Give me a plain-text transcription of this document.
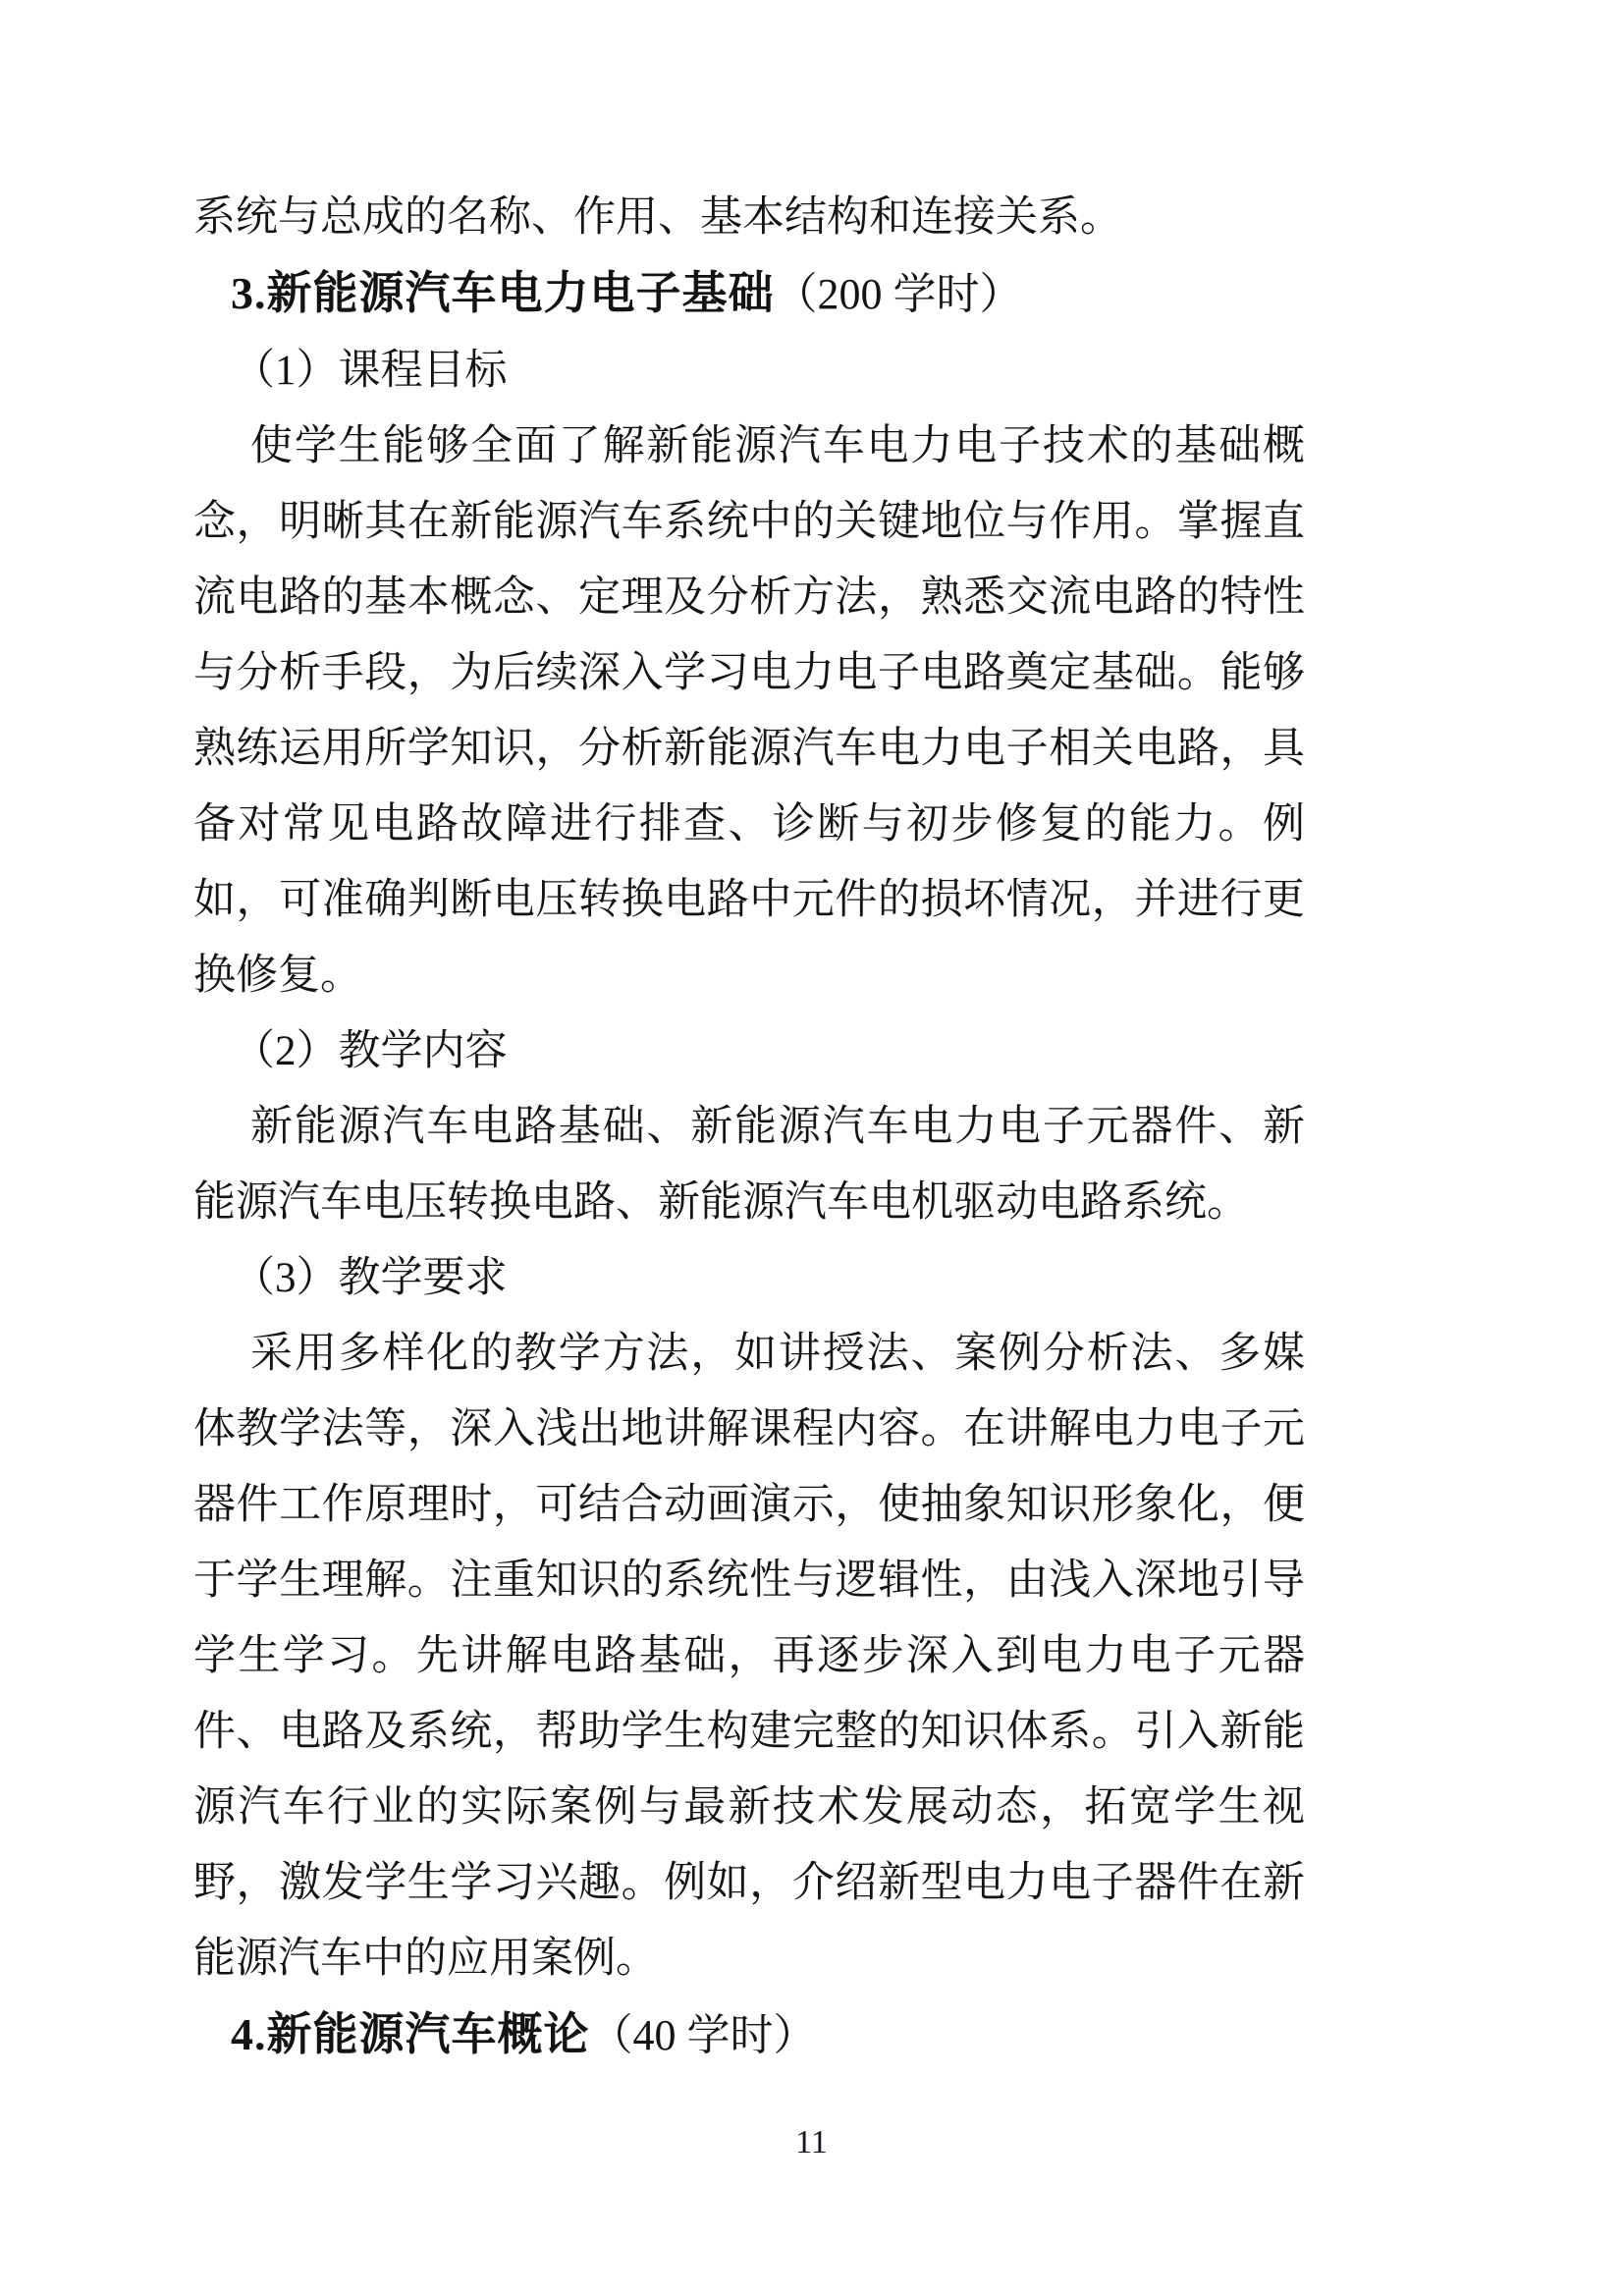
系统与总成的名称、作用、基本结构和连接关系。

3.新能源汽车电力电子基础（200 学时）

（1）课程目标

使学生能够全面了解新能源汽车电力电子技术的基础概念，明晰其在新能源汽车系统中的关键地位与作用。掌握直流电路的基本概念、定理及分析方法，熟悉交流电路的特性与分析手段，为后续深入学习电力电子电路奠定基础。能够熟练运用所学知识，分析新能源汽车电力电子相关电路，具备对常见电路故障进行排查、诊断与初步修复的能力。例如，可准确判断电压转换电路中元件的损坏情况，并进行更换修复。

（2）教学内容

新能源汽车电路基础、新能源汽车电力电子元器件、新能源汽车电压转换电路、新能源汽车电机驱动电路系统。

（3）教学要求

采用多样化的教学方法，如讲授法、案例分析法、多媒体教学法等，深入浅出地讲解课程内容。在讲解电力电子元器件工作原理时，可结合动画演示，使抽象知识形象化，便于学生理解。注重知识的系统性与逻辑性，由浅入深地引导学生学习。先讲解电路基础，再逐步深入到电力电子元器件、电路及系统，帮助学生构建完整的知识体系。引入新能源汽车行业的实际案例与最新技术发展动态，拓宽学生视野，激发学生学习兴趣。例如，介绍新型电力电子器件在新能源汽车中的应用案例。

4.新能源汽车概论（40 学时）

11
